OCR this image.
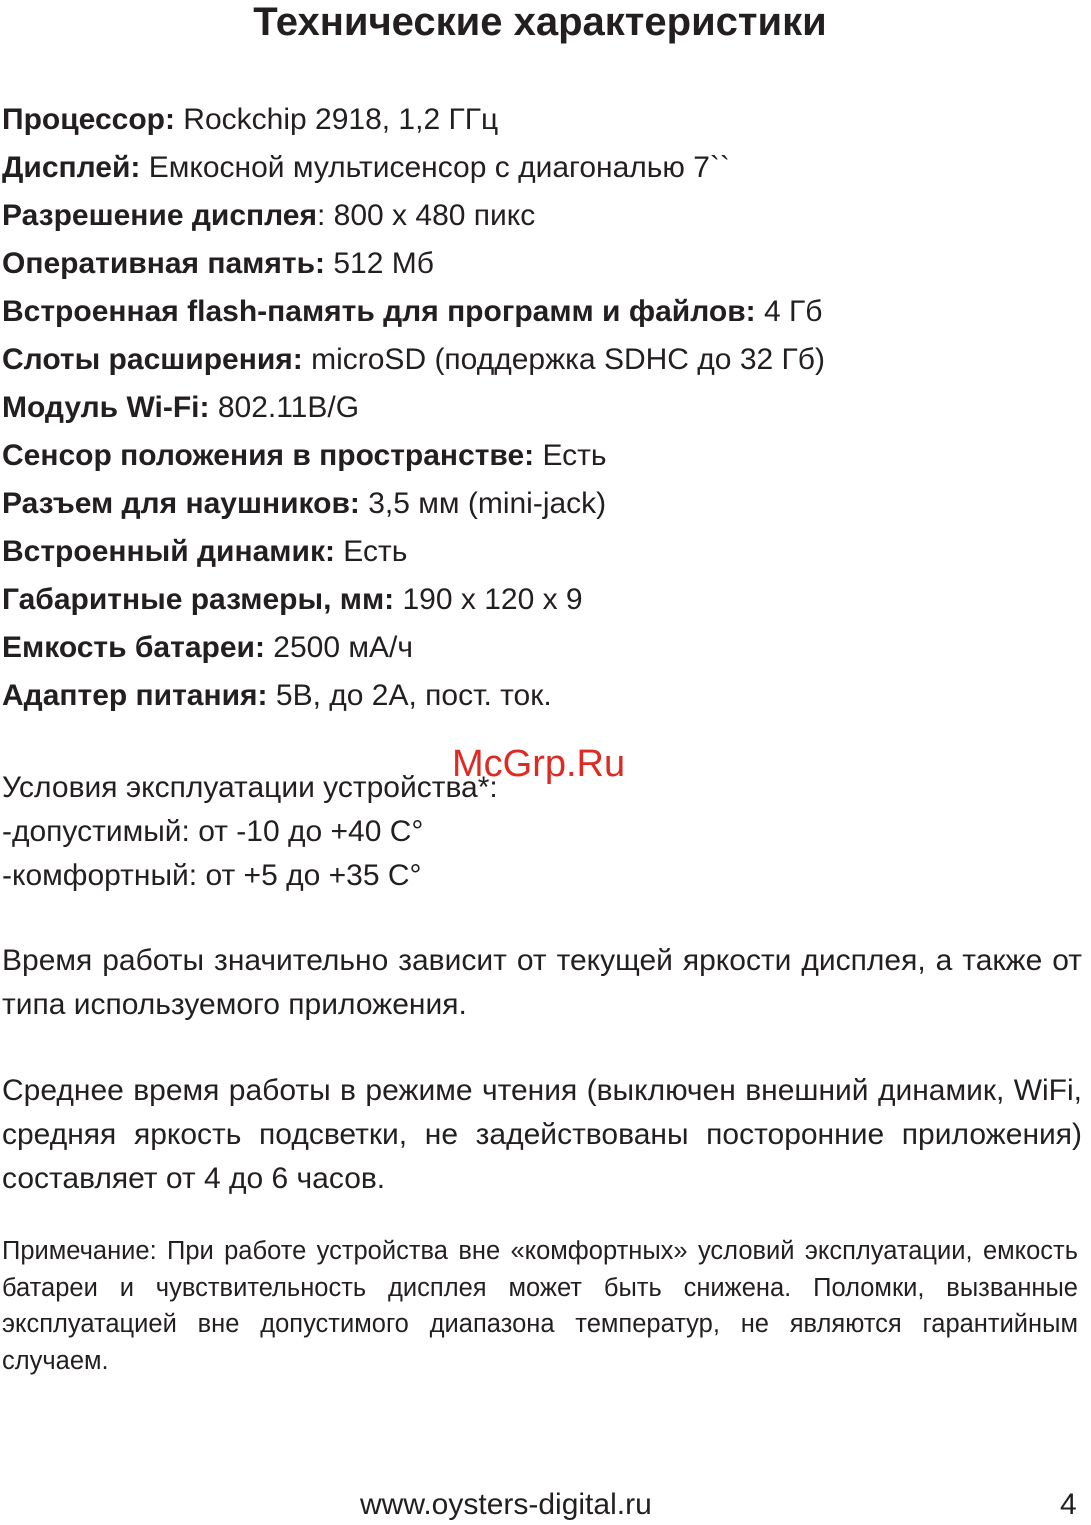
Технические характеристики
Процессор: Rockchip 2918, 1,2 ГГц
Дисплей: Емкосной мультисенсор с диагональю 7``
Разрешение дисплея: 800 х 480 пикс
Оперативная память: 512 Мб
Встроенная flash-память для программ и файлов: 4 Гб
Слоты расширения: microSD (поддержка SDHC до 32 Гб)
Модуль Wi-Fi: 802.11B/G
Сенсор положения в пространстве: Есть
Разъем для наушников: 3,5 мм (mini-jack)
Встроенный динамик: Есть
Габаритные размеры, мм: 190 х 120 х 9
Емкость батареи: 2500 мА/ч
Адаптер питания: 5В, до 2А, пост. ток.
Условия эксплуатации устройства*:
-допустимый: от -10 до +40 С°
-комфортный: от +5 до +35 С°

Время работы значительно зависит от текущей яркости дисплея, а также от типа используемого приложения.

Среднее время работы в режиме чтения (выключен внешний динамик, WiFi, средняя яркость подсветки, не задействованы посторонние приложения) составляет от 4 до 6 часов.

Примечание: При работе устройства вне «комфортных» условий эксплуатации, емкость батареи и чувствительность дисплея может быть снижена. Поломки, вызванные эксплуатацией вне допустимого диапазона температур, не являются гарантийным случаем.

McGrp.Ru
www.oysters-digital.ru	4
